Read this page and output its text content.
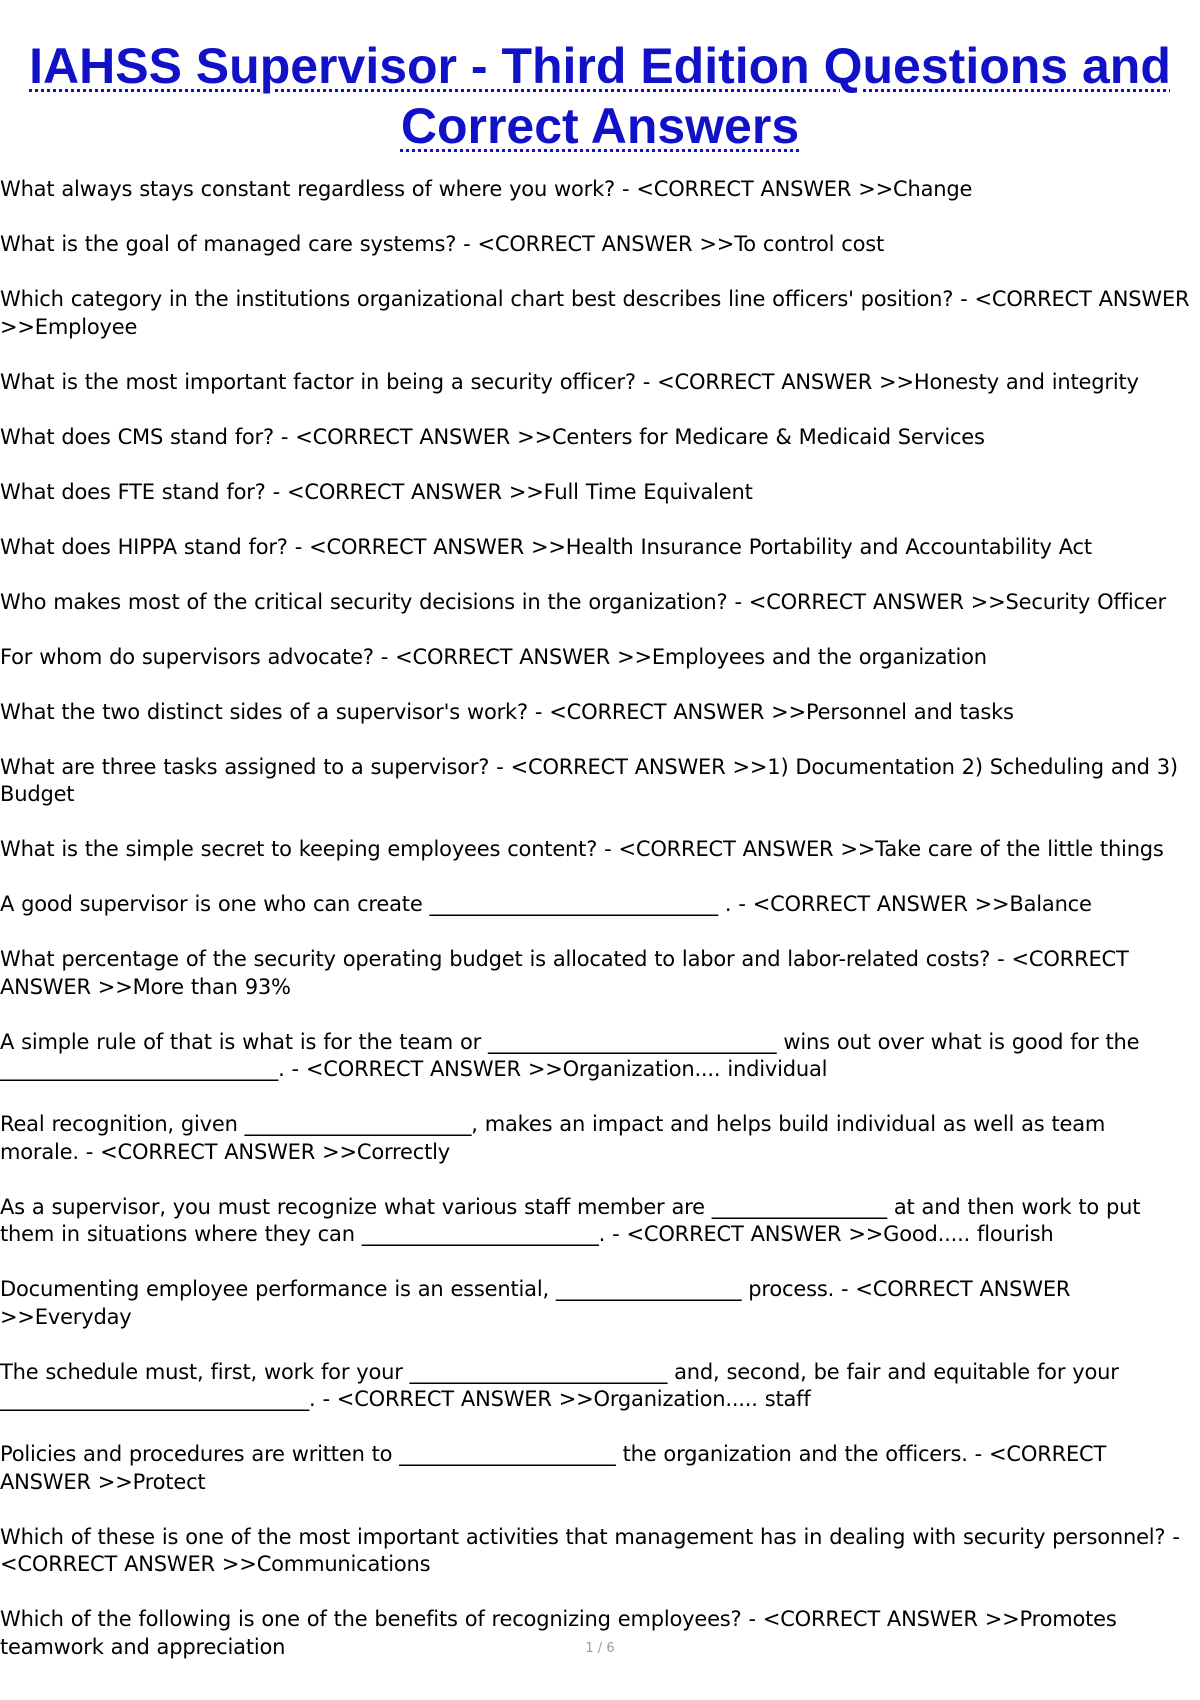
IAHSS Supervisor - Third Edition Questions and
Correct Answers
What always stays constant regardless of where you work? - <CORRECT ANSWER >>Change
What is the goal of managed care systems? - <CORRECT ANSWER >>To control cost
Which category in the institutions organizational chart best describes line officers' position? - <CORRECT ANSWER >>Employee
What is the most important factor in being a security officer? - <CORRECT ANSWER >>Honesty and integrity
What does CMS stand for? - <CORRECT ANSWER >>Centers for Medicare & Medicaid Services
What does FTE stand for? - <CORRECT ANSWER >>Full Time Equivalent
What does HIPPA stand for? - <CORRECT ANSWER >>Health Insurance Portability and Accountability Act
Who makes most of the critical security decisions in the organization? - <CORRECT ANSWER >>Security Officer
For whom do supervisors advocate? - <CORRECT ANSWER >>Employees and the organization
What the two distinct sides of a supervisor's work? - <CORRECT ANSWER >>Personnel and tasks
What are three tasks assigned to a supervisor? - <CORRECT ANSWER >>1) Documentation 2) Scheduling and 3) Budget
What is the simple secret to keeping employees content? - <CORRECT ANSWER >>Take care of the little things
A good supervisor is one who can create ____________________________ . - <CORRECT ANSWER >>Balance
What percentage of the security operating budget is allocated to labor and labor-related costs? - <CORRECT ANSWER >>More than 93%
A simple rule of that is what is for the team or ____________________________ wins out over what is good for the ___________________________. - <CORRECT ANSWER >>Organization.... individual
Real recognition, given ______________________, makes an impact and helps build individual as well as team morale. - <CORRECT ANSWER >>Correctly
As a supervisor, you must recognize what various staff member are _________________ at and then work to put them in situations where they can _______________________. - <CORRECT ANSWER >>Good..... flourish
Documenting employee performance is an essential, __________________ process. - <CORRECT ANSWER >>Everyday
The schedule must, first, work for your _________________________ and, second, be fair and equitable for your ______________________________. - <CORRECT ANSWER >>Organization..... staff
Policies and procedures are written to _____________________ the organization and the officers. - <CORRECT ANSWER >>Protect
Which of these is one of the most important activities that management has in dealing with security personnel? - <CORRECT ANSWER >>Communications
Which of the following is one of the benefits of recognizing employees? - <CORRECT ANSWER >>Promotes teamwork and appreciation	1 / 6
